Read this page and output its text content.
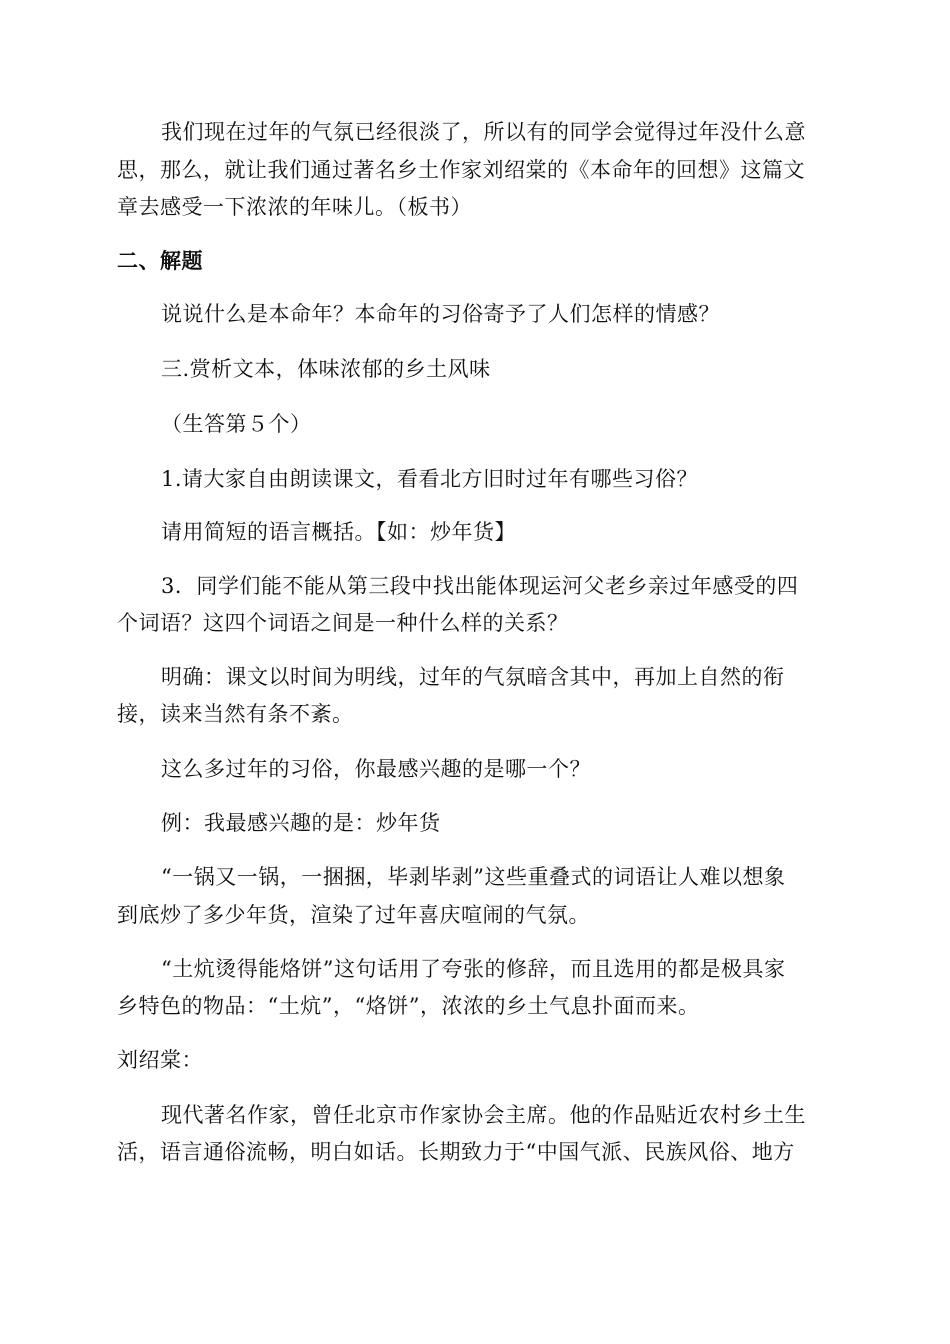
我们现在过年的气氛已经很淡了，所以有的同学会觉得过年没什么意
思，那么，就让我们通过著名乡土作家刘绍棠的《本命年的回想》这篇文
章去感受一下浓浓的年味儿。（板书）
二、解题
说说什么是本命年？本命年的习俗寄予了人们怎样的情感？
三.赏析文本，体味浓郁的乡土风味
（生答第５个）
1.请大家自由朗读课文，看看北方旧时过年有哪些习俗？
请用简短的语言概括。【如：炒年货】
3．同学们能不能从第三段中找出能体现运河父老乡亲过年感受的四
个词语？这四个词语之间是一种什么样的关系？
明确：课文以时间为明线，过年的气氛暗含其中，再加上自然的衔
接，读来当然有条不紊。
这么多过年的习俗，你最感兴趣的是哪一个？
例：我最感兴趣的是：炒年货
“一锅又一锅，一捆捆，毕剥毕剥”这些重叠式的词语让人难以想象
到底炒了多少年货，渲染了过年喜庆喧闹的气氛。
“土炕烫得能烙饼”这句话用了夸张的修辞，而且选用的都是极具家
乡特色的物品：“土炕”，“烙饼”，浓浓的乡土气息扑面而来。
刘绍棠：
现代著名作家，曾任北京市作家协会主席。他的作品贴近农村乡土生
活，语言通俗流畅，明白如话。长期致力于“中国气派、民族风俗、地方
